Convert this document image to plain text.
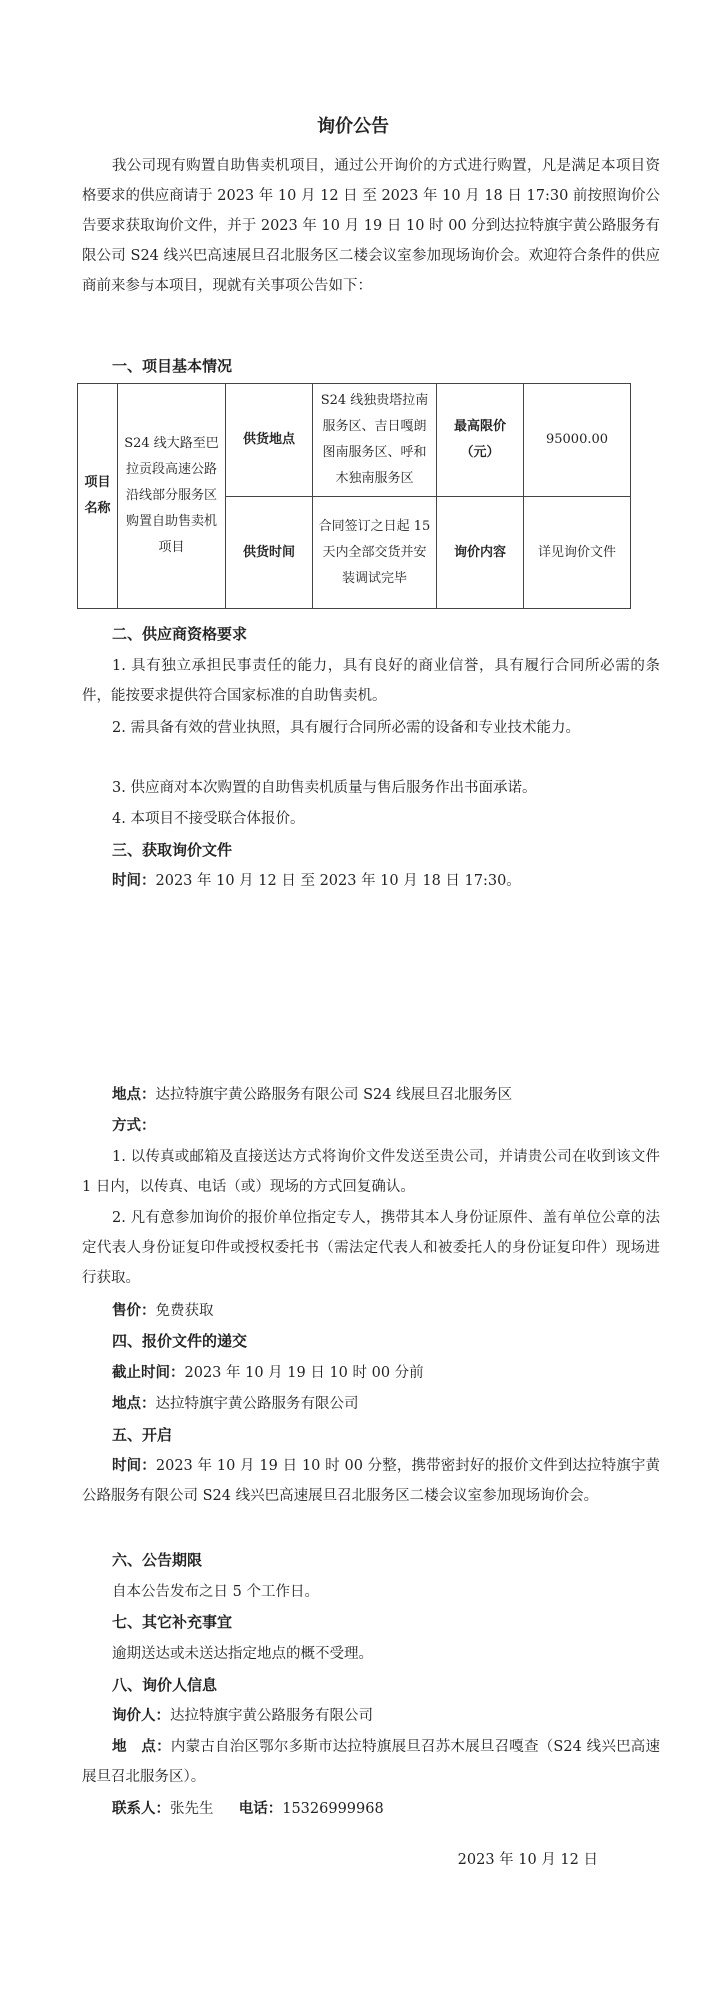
询价公告
我公司现有购置自助售卖机项目，通过公开询价的方式进行购置，凡是满足本项目资格要求的供应商请于 2023 年 10 月 12 日 至 2023 年 10 月 18 日 17:30 前按照询价公告要求获取询价文件，并于 2023 年 10 月 19 日 10 时 00 分到达拉特旗宇黄公路服务有限公司 S24 线兴巴高速展旦召北服务区二楼会议室参加现场询价会。欢迎符合条件的供应商前来参与本项目，现就有关事项公告如下：
一、项目基本情况
项目名称	S24 线大路至巴拉贡段高速公路沿线部分服务区购置自助售卖机项目	供货地点	S24 线独贵塔拉南服务区、吉日嘎朗图南服务区、呼和木独南服务区	最高限价（元）	95000.00
		供货时间	合同签订之日起 15 天内全部交货并安装调试完毕	询价内容	详见询价文件
二、供应商资格要求
1. 具有独立承担民事责任的能力，具有良好的商业信誉，具有履行合同所必需的条件，能按要求提供符合国家标准的自助售卖机。
2. 需具备有效的营业执照，具有履行合同所必需的设备和专业技术能力。
3. 供应商对本次购置的自助售卖机质量与售后服务作出书面承诺。
4. 本项目不接受联合体报价。
三、获取询价文件
时间：2023 年 10 月 12 日 至 2023 年 10 月 18 日 17:30。
地点：达拉特旗宇黄公路服务有限公司 S24 线展旦召北服务区
方式：
1. 以传真或邮箱及直接送达方式将询价文件发送至贵公司，并请贵公司在收到该文件 1 日内，以传真、电话（或）现场的方式回复确认。
2. 凡有意参加询价的报价单位指定专人，携带其本人身份证原件、盖有单位公章的法定代表人身份证复印件或授权委托书（需法定代表人和被委托人的身份证复印件）现场进行获取。
售价：免费获取
四、报价文件的递交
截止时间：2023 年 10 月 19 日 10 时 00 分前
地点：达拉特旗宇黄公路服务有限公司
五、开启
时间：2023 年 10 月 19 日 10 时 00 分整，携带密封好的报价文件到达拉特旗宇黄公路服务有限公司 S24 线兴巴高速展旦召北服务区二楼会议室参加现场询价会。
六、公告期限
自本公告发布之日 5 个工作日。
七、其它补充事宜
逾期送达或未送达指定地点的概不受理。
八、询价人信息
询价人：达拉特旗宇黄公路服务有限公司
地　点：内蒙古自治区鄂尔多斯市达拉特旗展旦召苏木展旦召嘎查（S24 线兴巴高速展旦召北服务区）。
联系人：张先生 电话：15326999968
2023 年 10 月 12 日
